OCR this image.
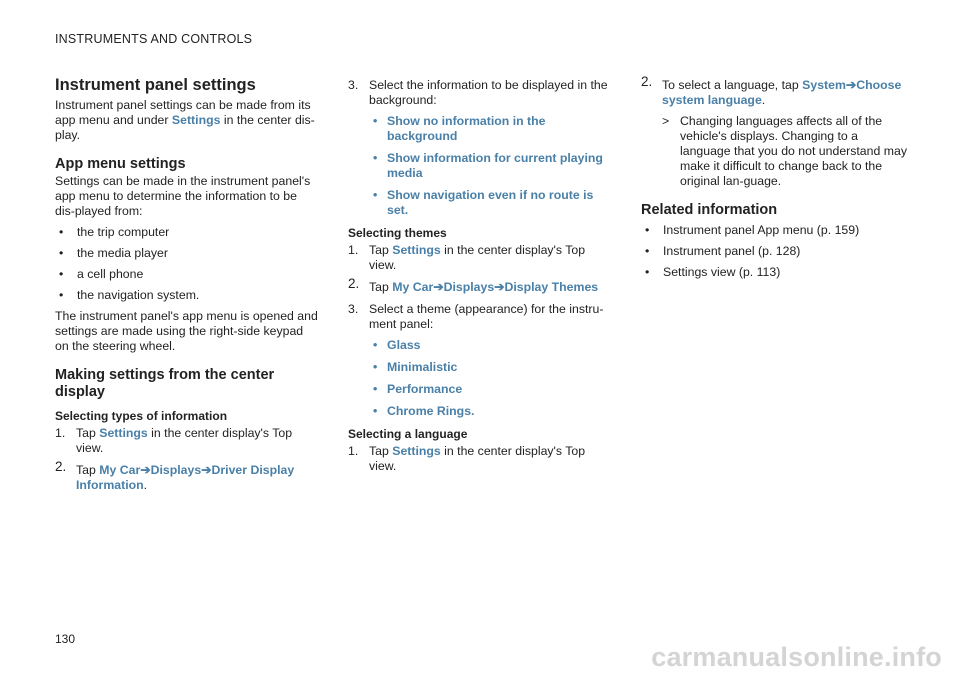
INSTRUMENTS AND CONTROLS
Instrument panel settings

Instrument panel settings can be made from its app menu and under Settings in the center dis-play.

App menu settings

Settings can be made in the instrument panel's app menu to determine the information to be dis-played from:

• the trip computer
• the media player
• a cell phone
• the navigation system.

The instrument panel's app menu is opened and settings are made using the right-side keypad on the steering wheel.

Making settings from the center display
Selecting types of information
1. Tap Settings in the center display's Top view.
2. Tap My Car➔Displays➔Driver Display Information.
3. Select the information to be displayed in the background:
• Show no information in the background
• Show information for current playing media
• Show navigation even if no route is set.
Selecting themes
1. Tap Settings in the center display's Top view.
2. Tap My Car➔Displays➔Display Themes
3. Select a theme (appearance) for the instru-ment panel:
• Glass
• Minimalistic
• Performance
• Chrome Rings.
Selecting a language
1. Tap Settings in the center display's Top view.
2. To select a language, tap System➔Choose system language.
> Changing languages affects all of the vehicle's displays. Changing to a language that you do not understand may make it difficult to change back to the original lan-guage.
Related information
• Instrument panel App menu (p. 159)
• Instrument panel (p. 128)
• Settings view (p. 113)
130
carmanualsonline.info
